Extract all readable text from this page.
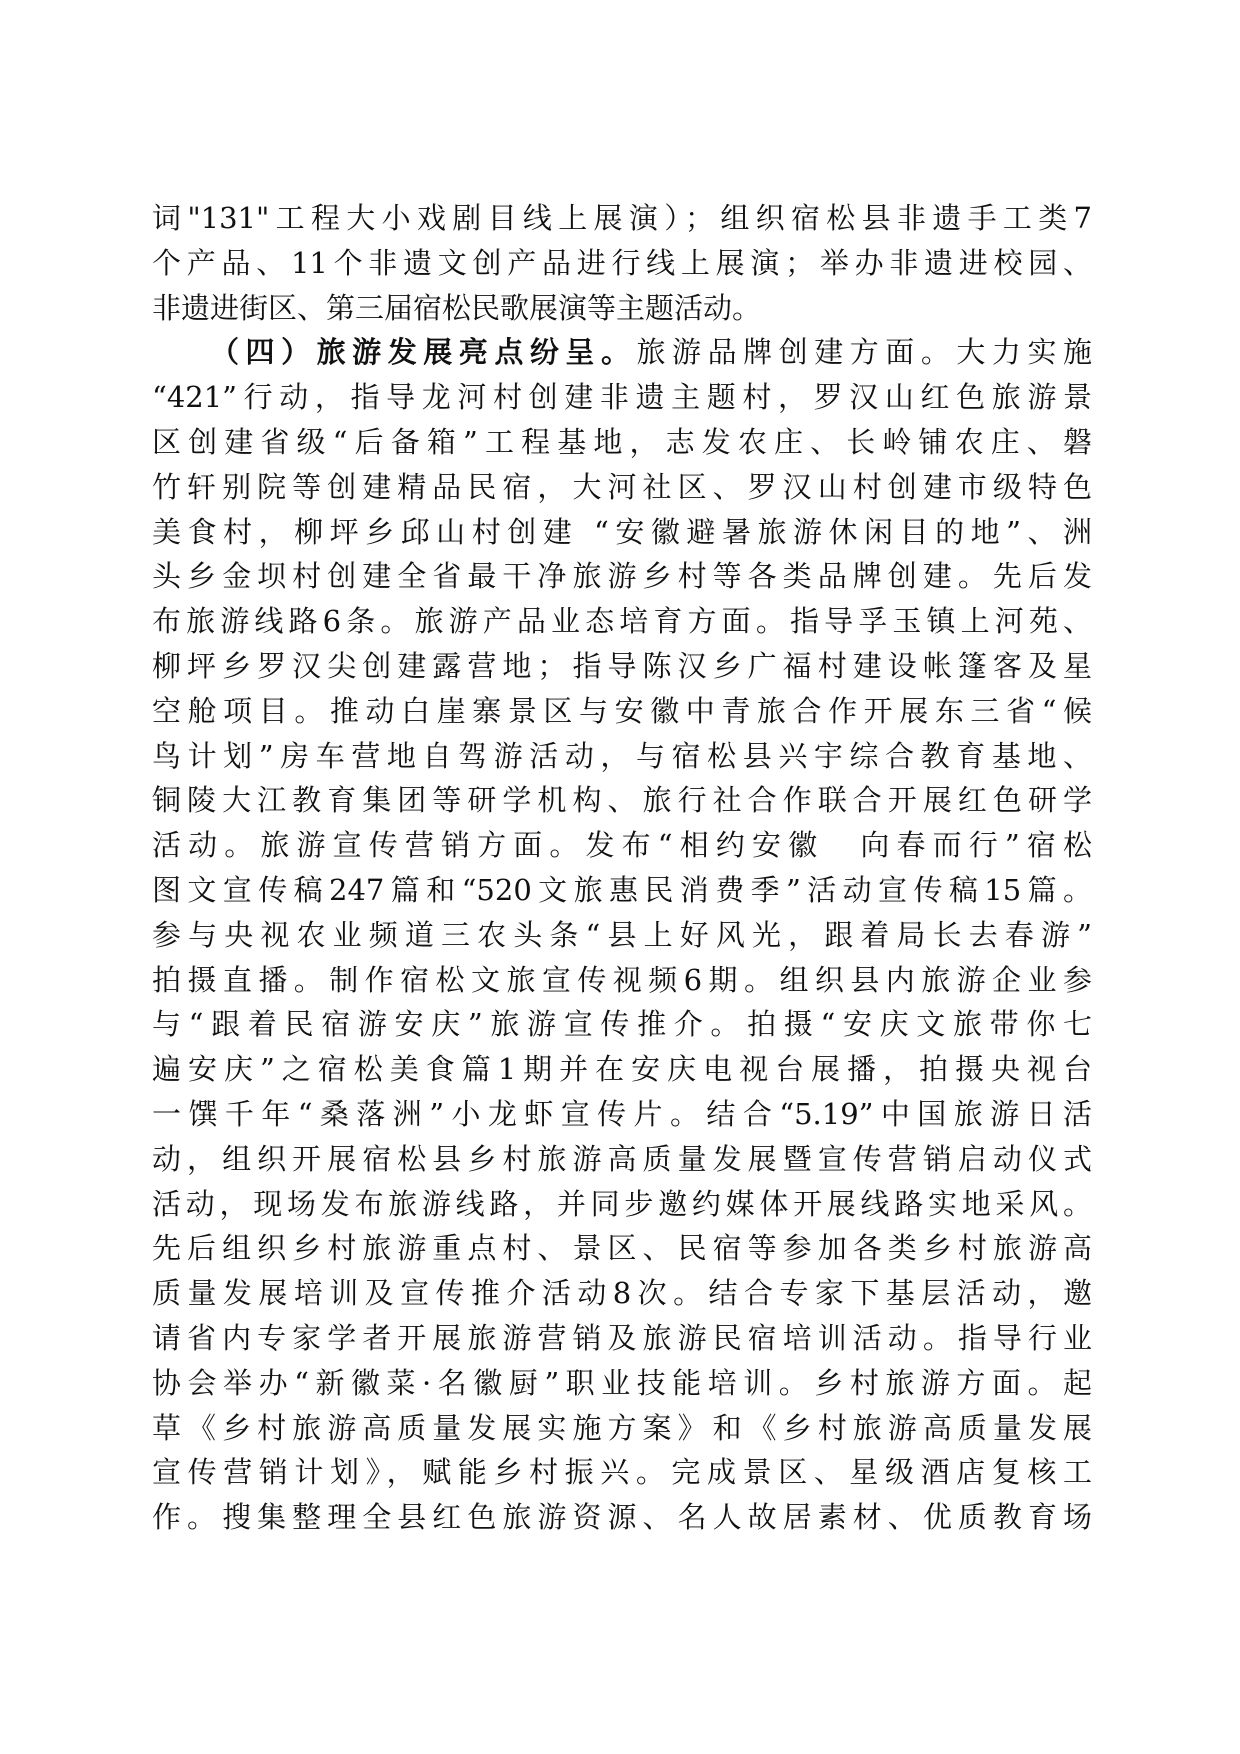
词"131"工程大小戏剧目线上展演）；组织宿松县非遗手工类7
个产品、11个非遗文创产品进行线上展演；举办非遗进校园、
非遗进街区、第三届宿松民歌展演等主题活动。
（四）旅游发展亮点纷呈。旅游品牌创建方面。大力实施
“421”行动，指导龙河村创建非遗主题村，罗汉山红色旅游景
区创建省级“后备箱”工程基地，志发农庄、长岭铺农庄、磐
竹轩别院等创建精品民宿，大河社区、罗汉山村创建市级特色
美食村，柳坪乡邱山村创建 “安徽避暑旅游休闲目的地”、洲
头乡金坝村创建全省最干净旅游乡村等各类品牌创建。先后发
布旅游线路6条。旅游产品业态培育方面。指导孚玉镇上河苑、
柳坪乡罗汉尖创建露营地；指导陈汉乡广福村建设帐篷客及星
空舱项目。推动白崖寨景区与安徽中青旅合作开展东三省“候
鸟计划”房车营地自驾游活动，与宿松县兴宇综合教育基地、
铜陵大江教育集团等研学机构、旅行社合作联合开展红色研学
活动。旅游宣传营销方面。发布“相约安徽　向春而行”宿松
图文宣传稿247篇和“520文旅惠民消费季”活动宣传稿15篇。
参与央视农业频道三农头条“县上好风光，跟着局长去春游”
拍摄直播。制作宿松文旅宣传视频6期。组织县内旅游企业参
与“跟着民宿游安庆”旅游宣传推介。拍摄“安庆文旅带你七
遍安庆”之宿松美食篇1期并在安庆电视台展播，拍摄央视台
一馔千年“桑落洲”小龙虾宣传片。结合“5.19”中国旅游日活
动，组织开展宿松县乡村旅游高质量发展暨宣传营销启动仪式
活动，现场发布旅游线路，并同步邀约媒体开展线路实地采风。
先后组织乡村旅游重点村、景区、民宿等参加各类乡村旅游高
质量发展培训及宣传推介活动8次。结合专家下基层活动，邀
请省内专家学者开展旅游营销及旅游民宿培训活动。指导行业
协会举办“新徽菜·名徽厨”职业技能培训。乡村旅游方面。起
草《乡村旅游高质量发展实施方案》和《乡村旅游高质量发展
宣传营销计划》，赋能乡村振兴。完成景区、星级酒店复核工
作。搜集整理全县红色旅游资源、名人故居素材、优质教育场
